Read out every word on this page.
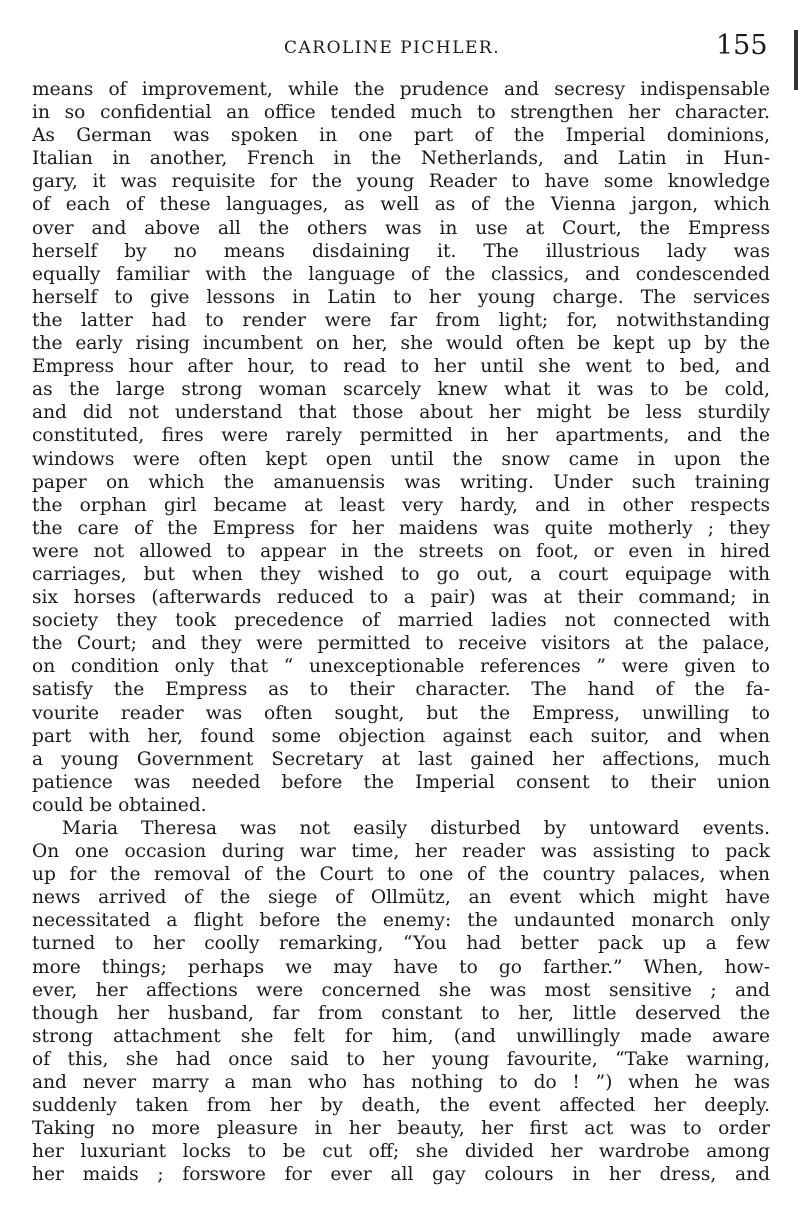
CAROLINE PICHLER.	155
means of improvement, while the prudence and secresy indispensable
in so confidential an office tended much to strengthen her character.
As German was spoken in one part of the Imperial dominions,
Italian in another, French in the Netherlands, and Latin in Hun-
gary, it was requisite for the young Reader to have some knowledge
of each of these languages, as well as of the Vienna jargon, which
over and above all the others was in use at Court, the Empress
herself by no means disdaining it. The illustrious lady was
equally familiar with the language of the classics, and condescended
herself to give lessons in Latin to her young charge. The services
the latter had to render were far from light; for, notwithstanding
the early rising incumbent on her, she would often be kept up by the
Empress hour after hour, to read to her until she went to bed, and
as the large strong woman scarcely knew what it was to be cold,
and did not understand that those about her might be less sturdily
constituted, fires were rarely permitted in her apartments, and the
windows were often kept open until the snow came in upon the
paper on which the amanuensis was writing. Under such training
the orphan girl became at least very hardy, and in other respects
the care of the Empress for her maidens was quite motherly ; they
were not allowed to appear in the streets on foot, or even in hired
carriages, but when they wished to go out, a court equipage with
six horses (afterwards reduced to a pair) was at their command; in
society they took precedence of married ladies not connected with
the Court; and they were permitted to receive visitors at the palace,
on condition only that “ unexceptionable references ” were given to
satisfy the Empress as to their character. The hand of the fa-
vourite reader was often sought, but the Empress, unwilling to
part with her, found some objection against each suitor, and when
a young Government Secretary at last gained her affections, much
patience was needed before the Imperial consent to their union
could be obtained.
Maria Theresa was not easily disturbed by untoward events.
On one occasion during war time, her reader was assisting to pack
up for the removal of the Court to one of the country palaces, when
news arrived of the siege of Ollmütz, an event which might have
necessitated a flight before the enemy: the undaunted monarch only
turned to her coolly remarking, “You had better pack up a few
more things; perhaps we may have to go farther.” When, how-
ever, her affections were concerned she was most sensitive ; and
though her husband, far from constant to her, little deserved the
strong attachment she felt for him, (and unwillingly made aware
of this, she had once said to her young favourite, “Take warning,
and never marry a man who has nothing to do ! ”) when he was
suddenly taken from her by death, the event affected her deeply.
Taking no more pleasure in her beauty, her first act was to order
her luxuriant locks to be cut off; she divided her wardrobe among
her maids ; forswore for ever all gay colours in her dress, and
